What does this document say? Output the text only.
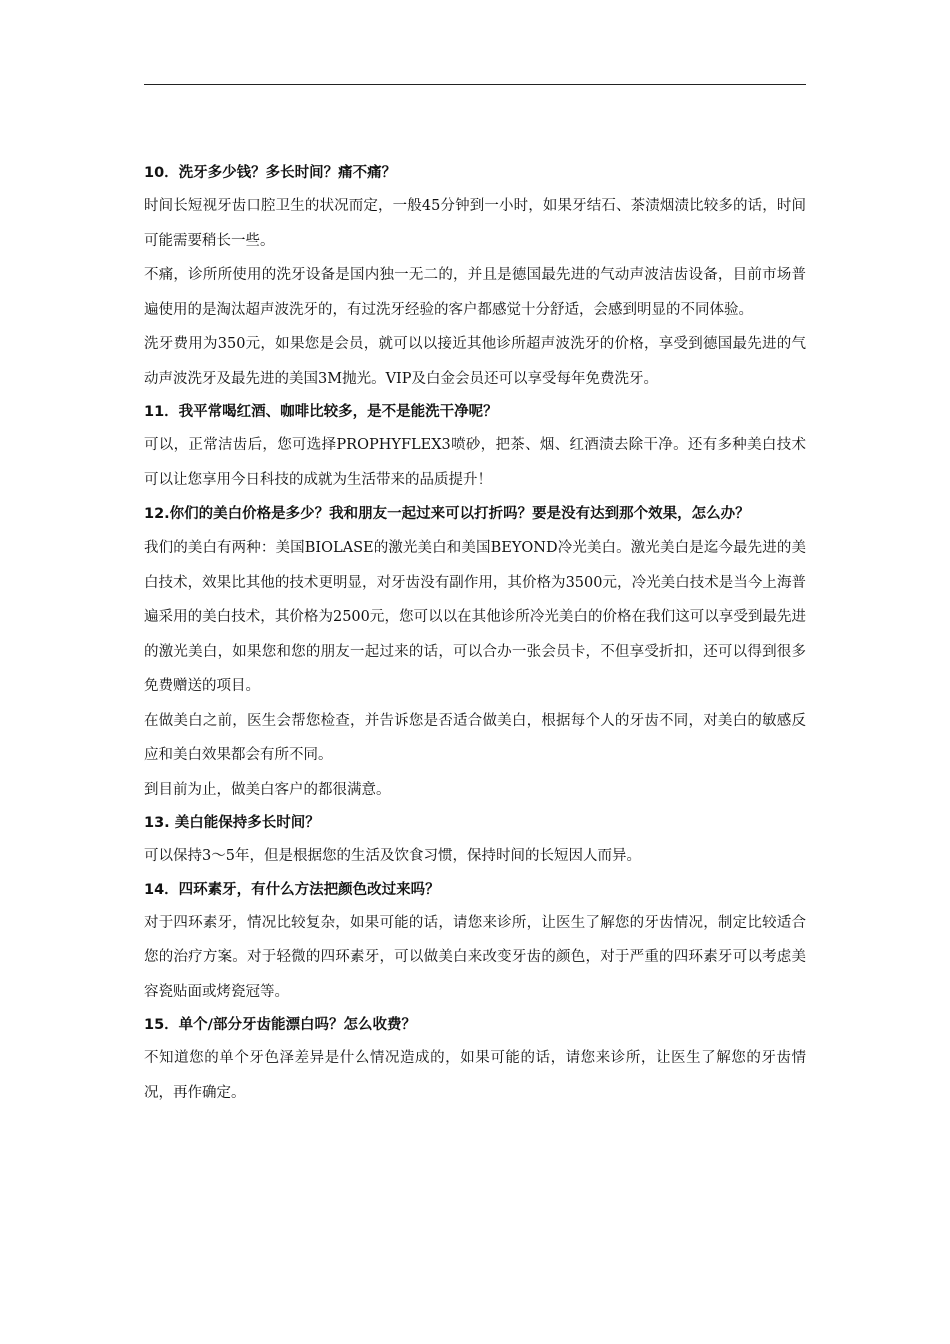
10．洗牙多少钱？多长时间？痛不痛？

时间长短视牙齿口腔卫生的状况而定，一般45分钟到一小时，如果牙结石、茶渍烟渍比较多的话，时间可能需要稍长一些。

不痛，诊所所使用的洗牙设备是国内独一无二的，并且是德国最先进的气动声波洁齿设备，目前市场普遍使用的是淘汰超声波洗牙的，有过洗牙经验的客户都感觉十分舒适，会感到明显的不同体验。

洗牙费用为350元，如果您是会员，就可以以接近其他诊所超声波洗牙的价格，享受到德国最先进的气动声波洗牙及最先进的美国3M抛光。VIP及白金会员还可以享受每年免费洗牙。

11．我平常喝红酒、咖啡比较多，是不是能洗干净呢？

可以，正常洁齿后，您可选择PROPHYFLEX3喷砂，把茶、烟、红酒渍去除干净。还有多种美白技术可以让您享用今日科技的成就为生活带来的品质提升！

12.你们的美白价格是多少？我和朋友一起过来可以打折吗？要是没有达到那个效果，怎么办？

我们的美白有两种：美国BIOLASE的激光美白和美国BEYOND冷光美白。激光美白是迄今最先进的美白技术，效果比其他的技术更明显，对牙齿没有副作用，其价格为3500元，冷光美白技术是当今上海普遍采用的美白技术，其价格为2500元，您可以以在其他诊所冷光美白的价格在我们这可以享受到最先进的激光美白，如果您和您的朋友一起过来的话，可以合办一张会员卡，不但享受折扣，还可以得到很多免费赠送的项目。

在做美白之前，医生会帮您检查，并告诉您是否适合做美白，根据每个人的牙齿不同，对美白的敏感反应和美白效果都会有所不同。

到目前为止，做美白客户的都很满意。

13. 美白能保持多长时间？

可以保持3～5年，但是根据您的生活及饮食习惯，保持时间的长短因人而异。

14．四环素牙，有什么方法把颜色改过来吗？

对于四环素牙，情况比较复杂，如果可能的话，请您来诊所，让医生了解您的牙齿情况，制定比较适合您的治疗方案。对于轻微的四环素牙，可以做美白来改变牙齿的颜色，对于严重的四环素牙可以考虑美容瓷贴面或烤瓷冠等。

15．单个/部分牙齿能漂白吗？怎么收费？

不知道您的单个牙色泽差异是什么情况造成的，如果可能的话，请您来诊所，让医生了解您的牙齿情况，再作确定。
